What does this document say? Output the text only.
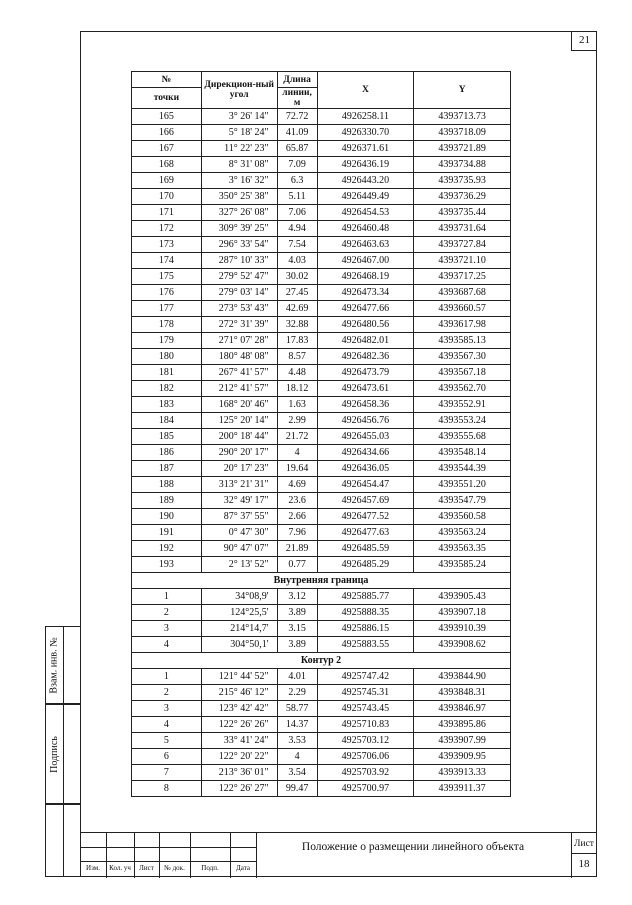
21
Взам. инв. №
Подпись
№	Дирекцион-ный угол	Длина	X	Y
точки		линии, м		
165	3° 26' 14"	72.72	4926258.11	4393713.73
166	5° 18' 24"	41.09	4926330.70	4393718.09
167	11° 22' 23"	65.87	4926371.61	4393721.89
168	8° 31' 08"	7.09	4926436.19	4393734.88
169	3° 16' 32"	6.3	4926443.20	4393735.93
170	350° 25' 38"	5.11	4926449.49	4393736.29
171	327° 26' 08"	7.06	4926454.53	4393735.44
172	309° 39' 25"	4.94	4926460.48	4393731.64
173	296° 33' 54"	7.54	4926463.63	4393727.84
174	287° 10' 33"	4.03	4926467.00	4393721.10
175	279° 52' 47"	30.02	4926468.19	4393717.25
176	279° 03' 14"	27.45	4926473.34	4393687.68
177	273° 53' 43"	42.69	4926477.66	4393660.57
178	272° 31' 39"	32.88	4926480.56	4393617.98
179	271° 07' 28"	17.83	4926482.01	4393585.13
180	180° 48' 08"	8.57	4926482.36	4393567.30
181	267° 41' 57"	4.48	4926473.79	4393567.18
182	212° 41' 57"	18.12	4926473.61	4393562.70
183	168° 20' 46"	1.63	4926458.36	4393552.91
184	125° 20' 14"	2.99	4926456.76	4393553.24
185	200° 18' 44"	21.72	4926455.03	4393555.68
186	290° 20' 17"	4	4926434.66	4393548.14
187	20° 17' 23"	19.64	4926436.05	4393544.39
188	313° 21' 31"	4.69	4926454.47	4393551.20
189	32° 49' 17"	23.6	4926457.69	4393547.79
190	87° 37' 55"	2.66	4926477.52	4393560.58
191	0° 47' 30"	7.96	4926477.63	4393563.24
192	90° 47' 07"	21.89	4926485.59	4393563.35
193	2° 13' 52"	0.77	4926485.29	4393585.24
Внутренняя граница				
1	34°08,9'	3.12	4925885.77	4393905.43
2	124°25,5'	3.89	4925888.35	4393907.18
3	214°14,7'	3.15	4925886.15	4393910.39
4	304°50,1'	3.89	4925883.55	4393908.62
Контур 2				
1	121° 44' 52"	4.01	4925747.42	4393844.90
2	215° 46' 12"	2.29	4925745.31	4393848.31
3	123° 42' 42"	58.77	4925743.45	4393846.97
4	122° 26' 26"	14.37	4925710.83	4393895.86
5	33° 41' 24"	3.53	4925703.12	4393907.99
6	122° 20' 22"	4	4925706.06	4393909.95
7	213° 36' 01"	3.54	4925703.92	4393913.33
8	122° 26' 27"	99.47	4925700.97	4393911.37
Изм.	Кол. уч	Лист	№ док.	Подп.	Дата
Положение о размещении линейного объекта	Лист
18
